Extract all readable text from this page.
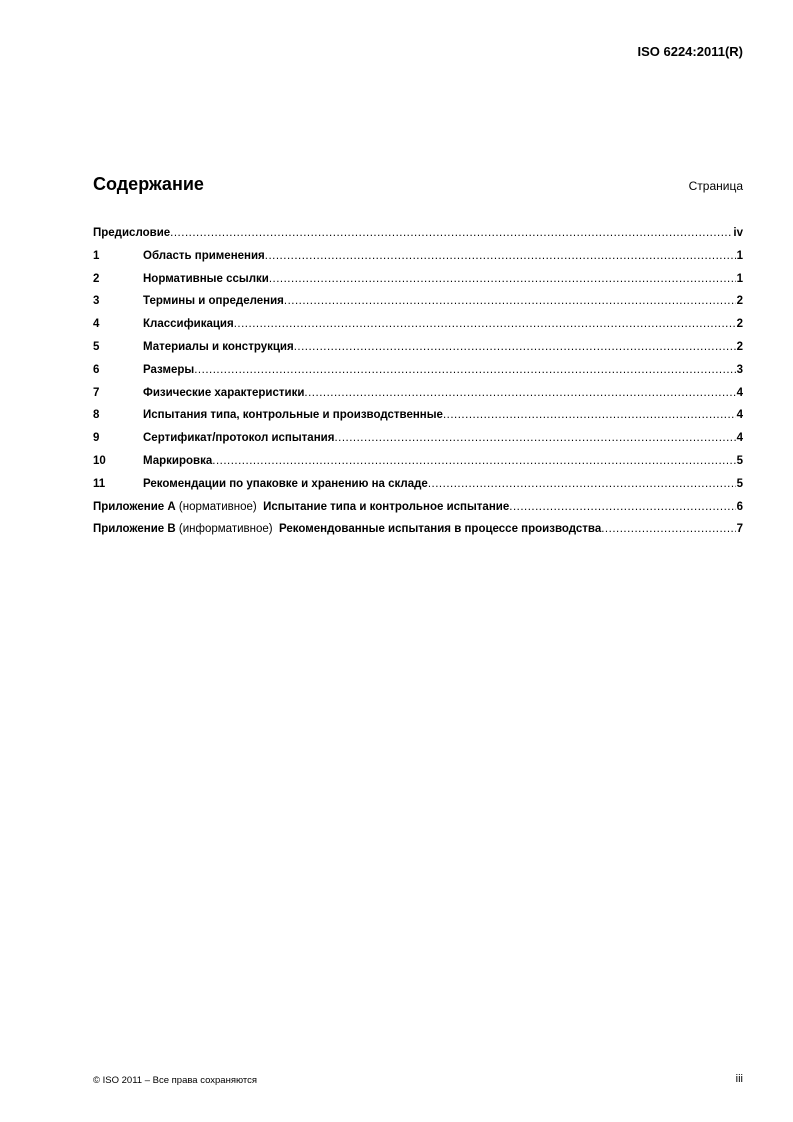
ISO 6224:2011(R)
Содержание	Страница
Предисловие .....	iv
1	Область применения .....	1
2	Нормативные ссылки .....	1
3	Термины и определения .....	2
4	Классификация .....	2
5	Материалы и конструкция .....	2
6	Размеры .....	3
7	Физические характеристики .....	4
8	Испытания типа, контрольные и производственные .....	4
9	Сертификат/протокол испытания .....	4
10	Маркировка .....	5
11	Рекомендации по упаковке и хранению на складе .....	5
Приложение А (нормативное) Испытание типа и контрольное испытание .....	6
Приложение В (информативное) Рекомендованные испытания в процессе производства .....	7
© ISO 2011 – Все права сохраняются	iii
